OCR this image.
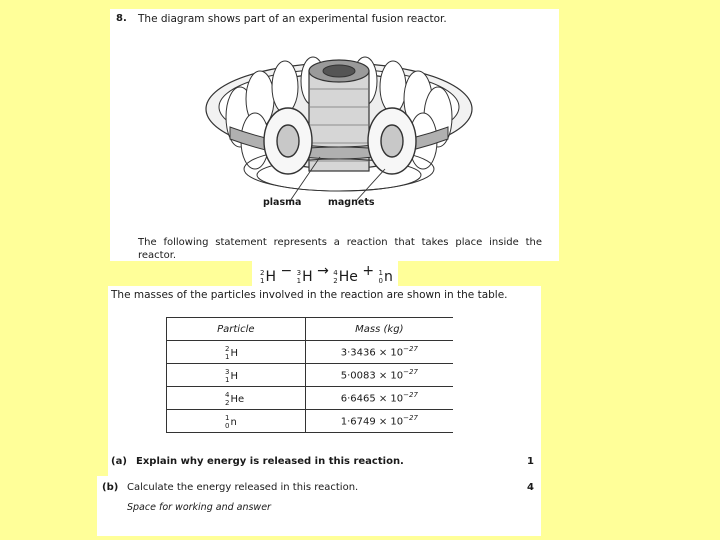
8. The diagram shows part of an experimental fusion reactor.
plasma	magnets
The following statement represents a reaction that takes place inside the reactor.
2
1 H − 3
1 H → 4
2 He + 1
0 n
The masses of the particles involved in the reaction are shown in the table.
Particle	Mass (kg)

2
1 H	$3\cdot 3436 \times 10^{-27}$

3
1 H	$5\cdot 0083 \times 10^{-27}$

4
2 He	$6\cdot 6465 \times 10^{-27}$

1
0 n	$1\cdot 6749 \times 10^{-27}$
(a) Explain why energy is released in this reaction.	1
(b) Calculate the energy released in this reaction.	4
Space for working and answer
